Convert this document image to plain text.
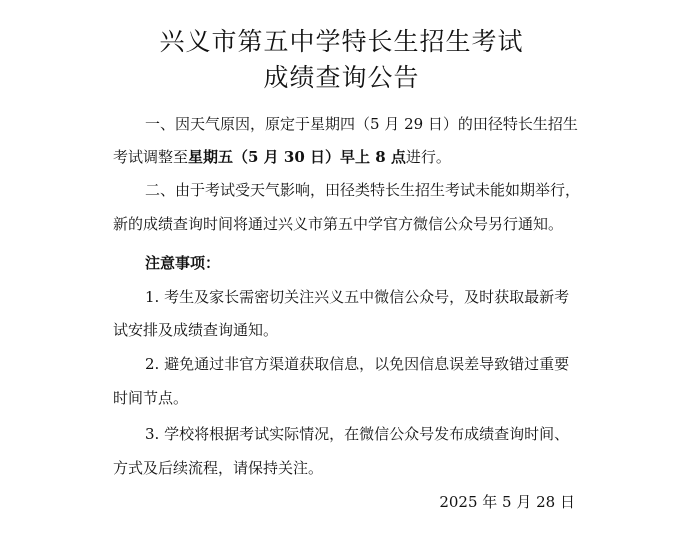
兴义市第五中学特长生招生考试
成绩查询公告
一、因天气原因，原定于星期四（5 月 29 日）的田径特长生招生
考试调整至星期五（5 月 30 日）早上 8 点进行。
二、由于考试受天气影响，田径类特长生招生考试未能如期举行，
新的成绩查询时间将通过兴义市第五中学官方微信公众号另行通知。
注意事项：
1. 考生及家长需密切关注兴义五中微信公众号，及时获取最新考
试安排及成绩查询通知。
2. 避免通过非官方渠道获取信息，以免因信息误差导致错过重要
时间节点。
3. 学校将根据考试实际情况，在微信公众号发布成绩查询时间、
方式及后续流程，请保持关注。
2025 年 5 月 28 日
